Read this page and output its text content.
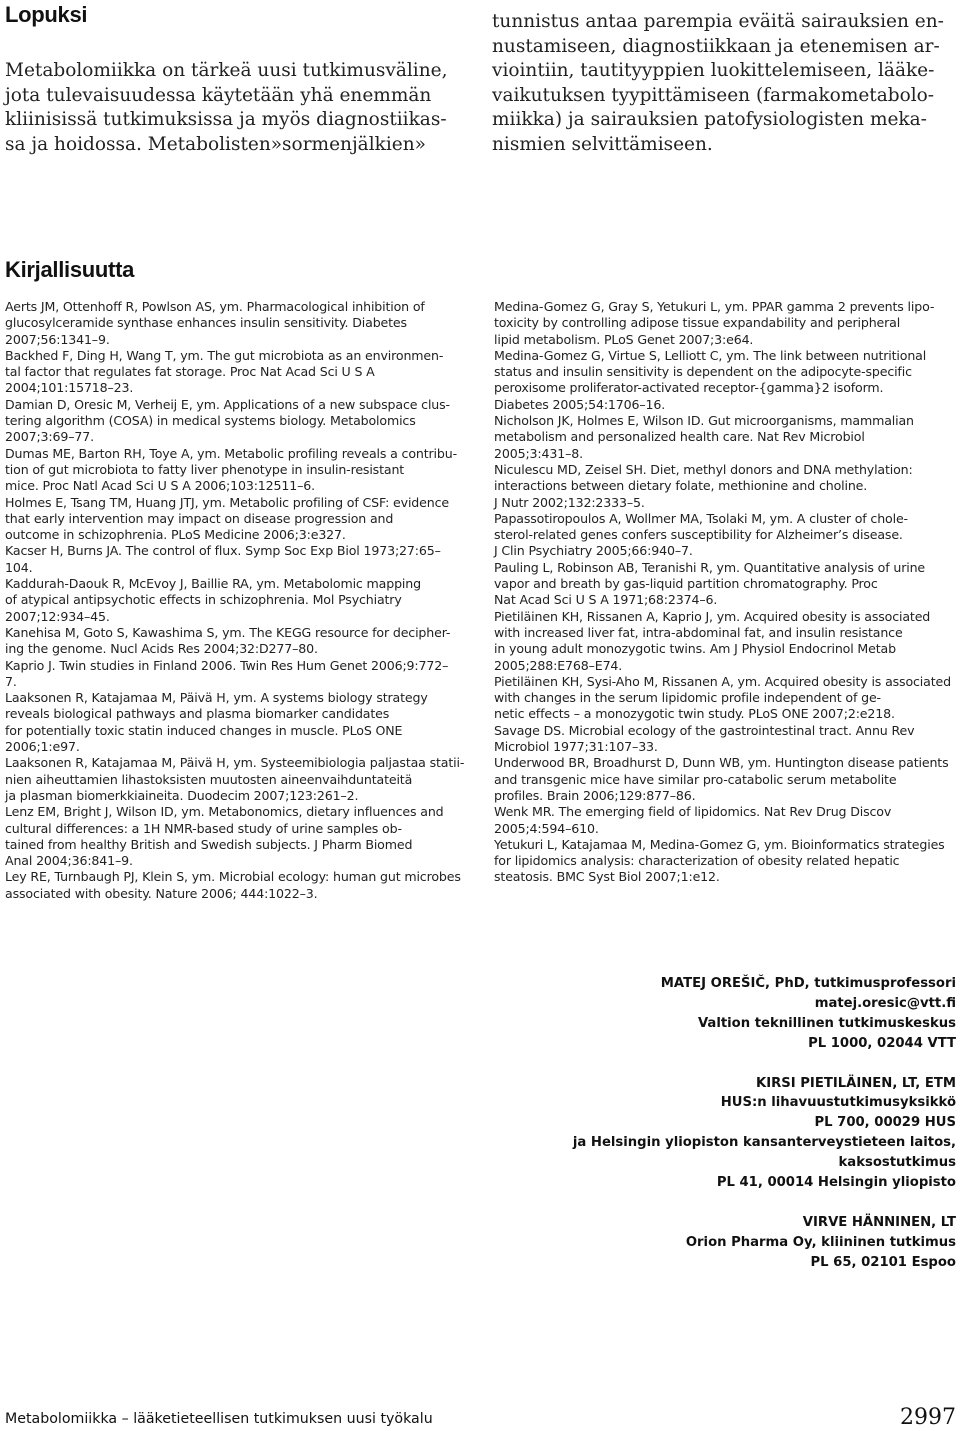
Lopuksi
Metabolomiikka on tärkeä uusi tutkimusväline,
jota tulevaisuudessa käytetään yhä enemmän
kliinisissä tutkimuksissa ja myös diagnostiikas-
sa ja hoidossa. Metabolisten»sormenjälkien»
tunnistus antaa parempia eväitä sairauksien en-
nustamiseen, diagnostiikkaan ja etenemisen ar-
viointiin, tautityyppien luokittelemiseen, lääke-
vaikutuksen tyypittämiseen (farmakometabolo-
miikka) ja sairauksien patofysiologisten meka-
nismien selvittämiseen.
Kirjallisuutta
Aerts JM, Ottenhoff R, Powlson AS, ym. Pharmacological inhibition of
glucosylceramide synthase enhances insulin sensitivity. Diabetes
2007;56:1341–9.
Backhed F, Ding H, Wang T, ym. The gut microbiota as an environmen-
tal factor that regulates fat storage. Proc Nat Acad Sci U S A
2004;101:15718–23.
Damian D, Oresic M, Verheij E, ym. Applications of a new subspace clus-
tering algorithm (COSA) in medical systems biology. Metabolomics
2007;3:69–77.
Dumas ME, Barton RH, Toye A, ym. Metabolic profiling reveals a contribu-
tion of gut microbiota to fatty liver phenotype in insulin-resistant
mice. Proc Natl Acad Sci U S A 2006;103:12511–6.
Holmes E, Tsang TM, Huang JTJ, ym. Metabolic profiling of CSF: evidence
that early intervention may impact on disease progression and
outcome in schizophrenia. PLoS Medicine 2006;3:e327.
Kacser H, Burns JA. The control of flux. Symp Soc Exp Biol 1973;27:65–
104.
Kaddurah-Daouk R, McEvoy J, Baillie RA, ym. Metabolomic mapping
of atypical antipsychotic effects in schizophrenia. Mol Psychiatry
2007;12:934–45.
Kanehisa M, Goto S, Kawashima S, ym. The KEGG resource for decipher-
ing the genome. Nucl Acids Res 2004;32:D277–80.
Kaprio J. Twin studies in Finland 2006. Twin Res Hum Genet 2006;9:772–
7.
Laaksonen R, Katajamaa M, Päivä H, ym. A systems biology strategy
reveals biological pathways and plasma biomarker candidates
for potentially toxic statin induced changes in muscle. PLoS ONE
2006;1:e97.
Laaksonen R, Katajamaa M, Päivä H, ym. Systeemibiologia paljastaa statii-
nien aiheuttamien lihastoksisten muutosten aineenvaihduntateitä
ja plasman biomerkkiaineita. Duodecim 2007;123:261–2.
Lenz EM, Bright J, Wilson ID, ym. Metabonomics, dietary influences and
cultural differences: a 1H NMR-based study of urine samples ob-
tained from healthy British and Swedish subjects. J Pharm Biomed
Anal 2004;36:841–9.
Ley RE, Turnbaugh PJ, Klein S, ym. Microbial ecology: human gut microbes
associated with obesity. Nature 2006; 444:1022–3.
Medina-Gomez G, Gray S, Yetukuri L, ym. PPAR gamma 2 prevents lipo-
toxicity by controlling adipose tissue expandability and peripheral
lipid metabolism. PLoS Genet 2007;3:e64.
Medina-Gomez G, Virtue S, Lelliott C, ym. The link between nutritional
status and insulin sensitivity is dependent on the adipocyte-specific
peroxisome proliferator-activated receptor-{gamma}2 isoform.
Diabetes 2005;54:1706–16.
Nicholson JK, Holmes E, Wilson ID. Gut microorganisms, mammalian
metabolism and personalized health care. Nat Rev Microbiol
2005;3:431–8.
Niculescu MD, Zeisel SH. Diet, methyl donors and DNA methylation:
interactions between dietary folate, methionine and choline.
J Nutr 2002;132:2333–5.
Papassotiropoulos A, Wollmer MA, Tsolaki M, ym. A cluster of chole-
sterol-related genes confers susceptibility for Alzheimer’s disease.
J Clin Psychiatry 2005;66:940–7.
Pauling L, Robinson AB, Teranishi R, ym. Quantitative analysis of urine
vapor and breath by gas-liquid partition chromatography. Proc
Nat Acad Sci U S A 1971;68:2374–6.
Pietiläinen KH, Rissanen A, Kaprio J, ym. Acquired obesity is associated
with increased liver fat, intra-abdominal fat, and insulin resistance
in young adult monozygotic twins. Am J Physiol Endocrinol Metab
2005;288:E768–E74.
Pietiläinen KH, Sysi-Aho M, Rissanen A, ym. Acquired obesity is associated
with changes in the serum lipidomic profile independent of ge-
netic effects – a monozygotic twin study. PLoS ONE 2007;2:e218.
Savage DS. Microbial ecology of the gastrointestinal tract. Annu Rev
Microbiol 1977;31:107–33.
Underwood BR, Broadhurst D, Dunn WB, ym. Huntington disease patients
and transgenic mice have similar pro-catabolic serum metabolite
profiles. Brain 2006;129:877–86.
Wenk MR. The emerging field of lipidomics. Nat Rev Drug Discov
2005;4:594–610.
Yetukuri L, Katajamaa M, Medina-Gomez G, ym. Bioinformatics strategies
for lipidomics analysis: characterization of obesity related hepatic
steatosis. BMC Syst Biol 2007;1:e12.
MATEJ OREŠIČ, PhD, tutkimusprofessori
matej.oresic@vtt.fi
Valtion teknillinen tutkimuskeskus
PL 1000, 02044 VTT
KIRSI PIETILÄINEN, LT, ETM
HUS:n lihavuustutkimusyksikkö
PL 700, 00029 HUS
ja Helsingin yliopiston kansanterveystieteen laitos,
kaksostutkimus
PL 41, 00014 Helsingin yliopisto
VIRVE HÄNNINEN, LT
Orion Pharma Oy, kliininen tutkimus
PL 65, 02101 Espoo
Metabolomiikka – lääketieteellisen tutkimuksen uusi työkalu	2997
